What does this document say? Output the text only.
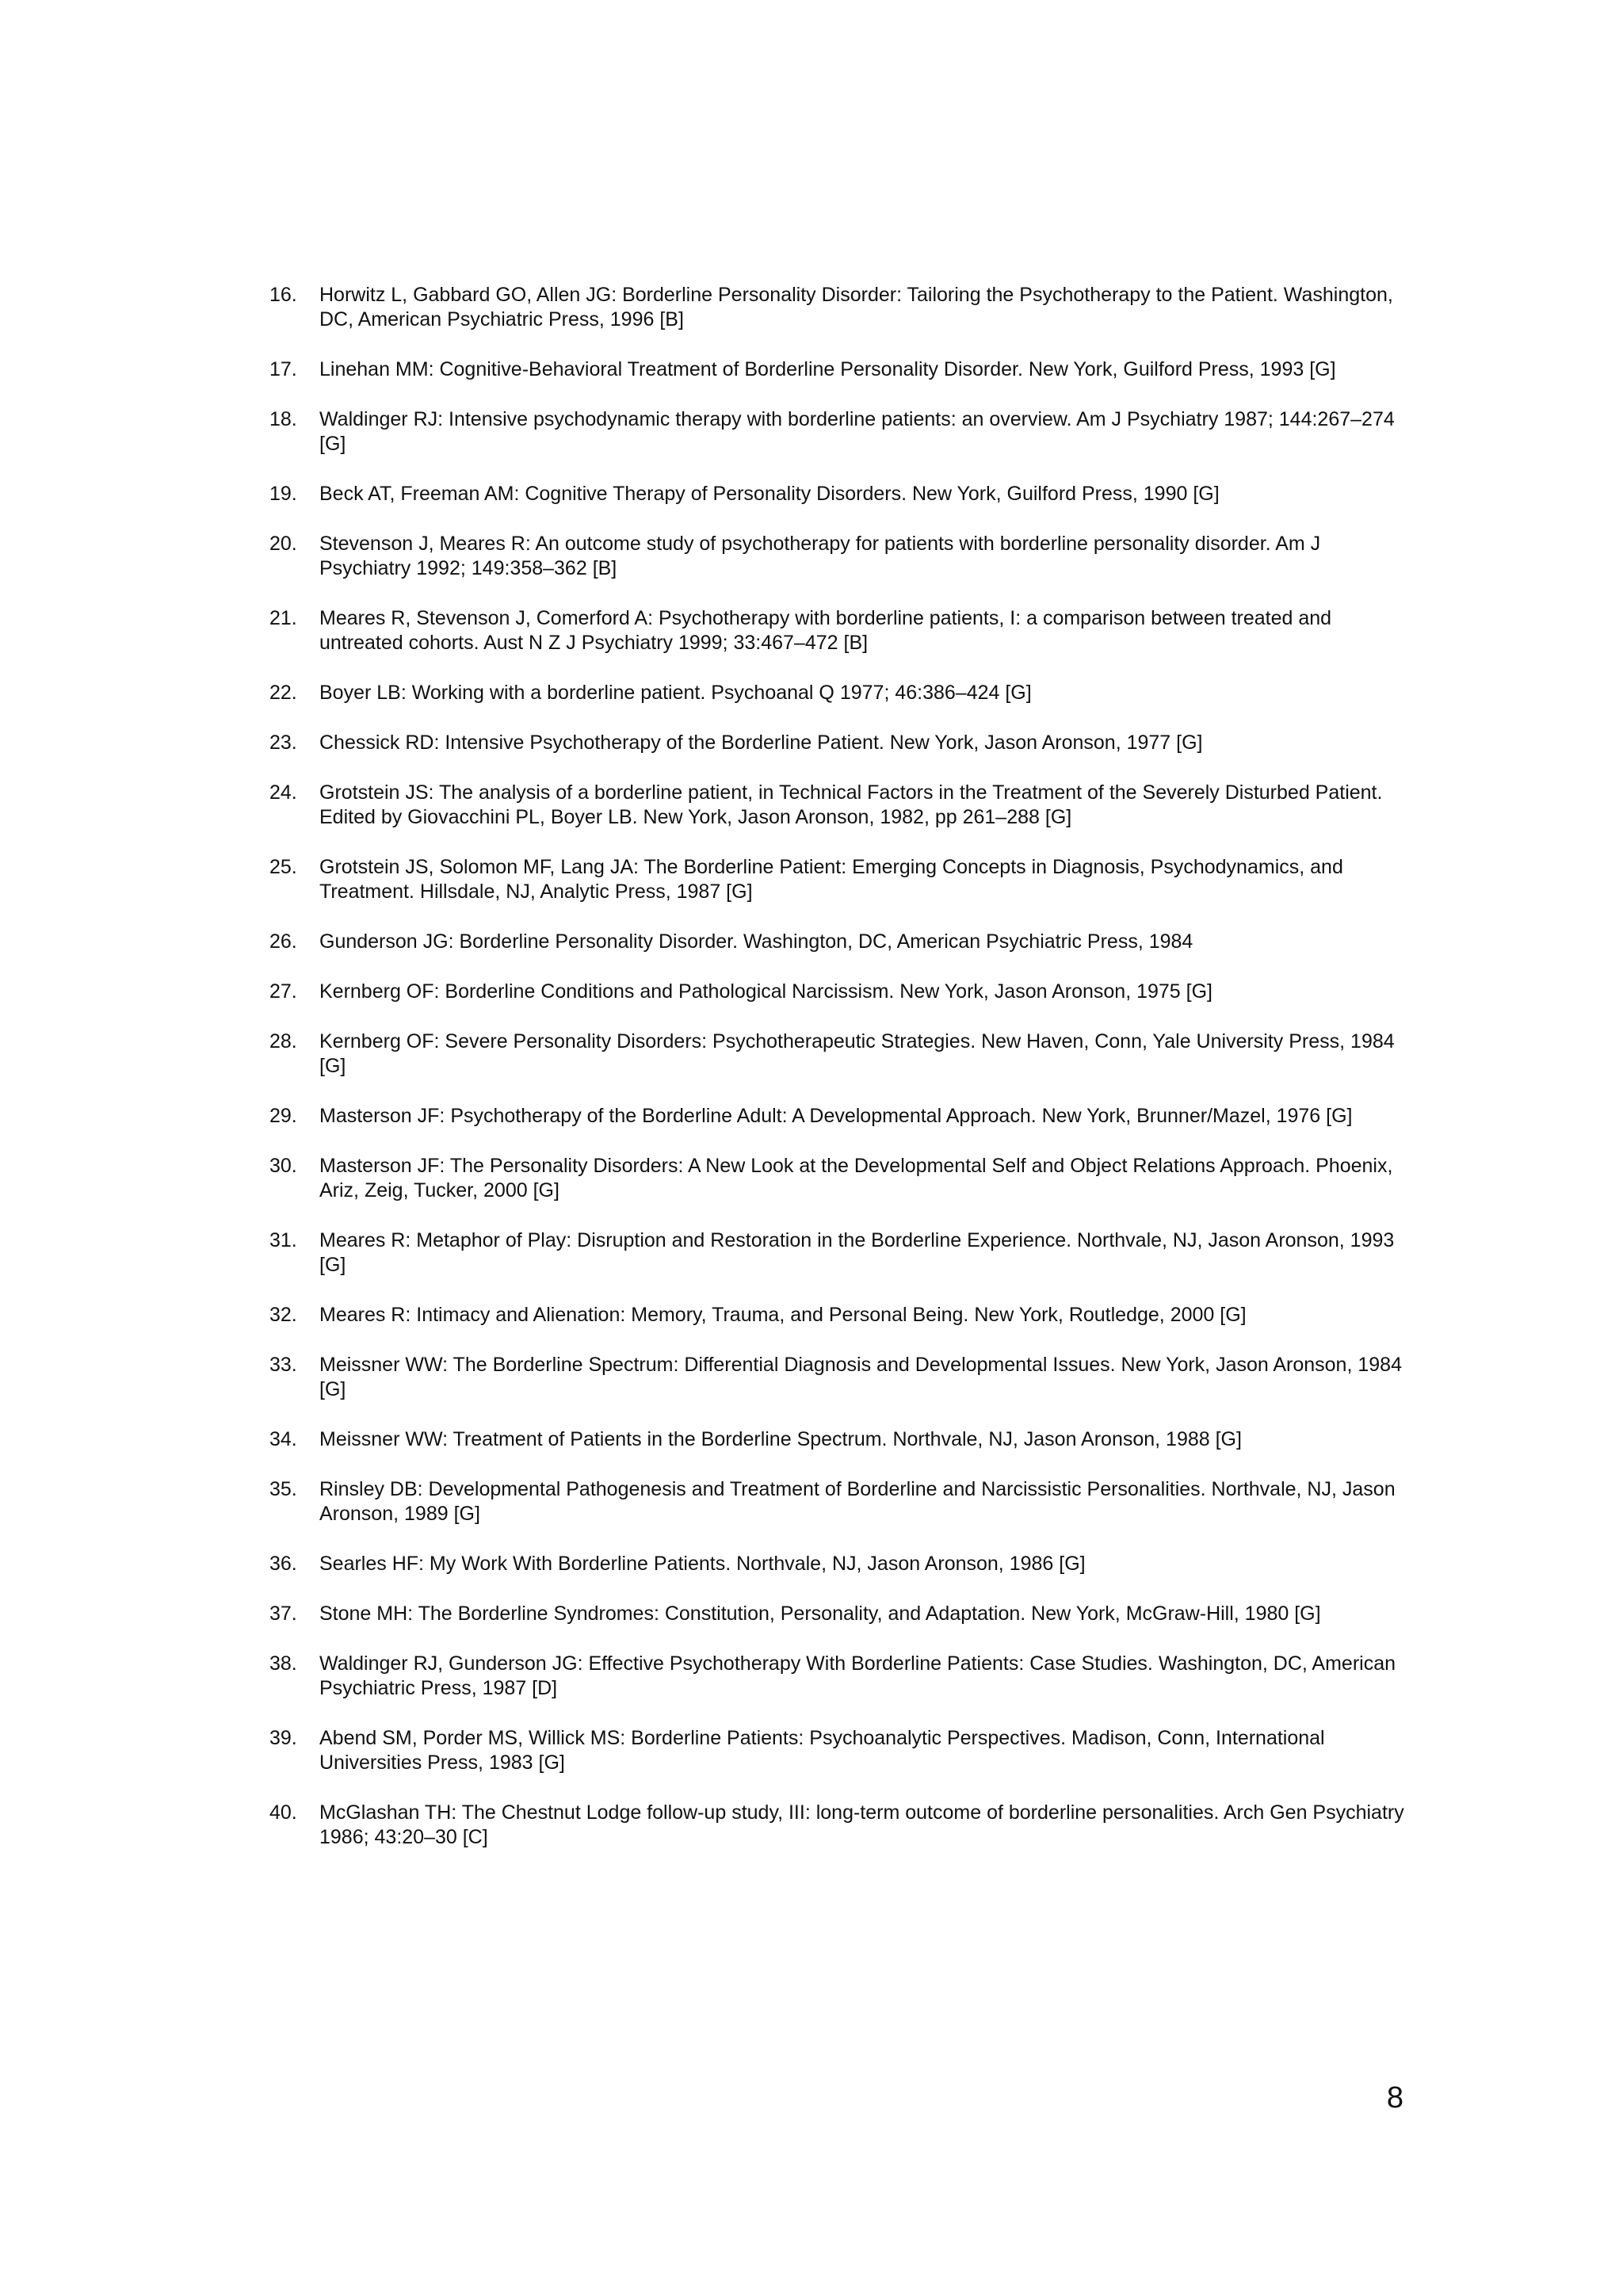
16.	Horwitz L, Gabbard GO, Allen JG: Borderline Personality Disorder: Tailoring the Psychotherapy to the Patient. Washington, DC, American Psychiatric Press, 1996 [B]
17.	Linehan MM: Cognitive-Behavioral Treatment of Borderline Personality Disorder. New York, Guilford Press, 1993 [G]
18.	Waldinger RJ: Intensive psychodynamic therapy with borderline patients: an overview. Am J Psychiatry 1987; 144:267–274 [G]
19.	Beck AT, Freeman AM: Cognitive Therapy of Personality Disorders. New York, Guilford Press, 1990 [G]
20.	Stevenson J, Meares R: An outcome study of psychotherapy for patients with borderline personality disorder. Am J Psychiatry 1992; 149:358–362 [B]
21.	Meares R, Stevenson J, Comerford A: Psychotherapy with borderline patients, I: a comparison between treated and untreated cohorts. Aust N Z J Psychiatry 1999; 33:467–472 [B]
22.	Boyer LB: Working with a borderline patient. Psychoanal Q 1977; 46:386–424 [G]
23.	Chessick RD: Intensive Psychotherapy of the Borderline Patient. New York, Jason Aronson, 1977 [G]
24.	Grotstein JS: The analysis of a borderline patient, in Technical Factors in the Treatment of the Severely Disturbed Patient. Edited by Giovacchini PL, Boyer LB. New York, Jason Aronson, 1982, pp 261–288 [G]
25.	Grotstein JS, Solomon MF, Lang JA: The Borderline Patient: Emerging Concepts in Diagnosis, Psychodynamics, and Treatment. Hillsdale, NJ, Analytic Press, 1987 [G]
26.	Gunderson JG: Borderline Personality Disorder. Washington, DC, American Psychiatric Press, 1984
27.	Kernberg OF: Borderline Conditions and Pathological Narcissism. New York, Jason Aronson, 1975 [G]
28.	Kernberg OF: Severe Personality Disorders: Psychotherapeutic Strategies. New Haven, Conn, Yale University Press, 1984 [G]
29.	Masterson JF: Psychotherapy of the Borderline Adult: A Developmental Approach. New York, Brunner/Mazel, 1976 [G]
30.	Masterson JF: The Personality Disorders: A New Look at the Developmental Self and Object Relations Approach. Phoenix, Ariz, Zeig, Tucker, 2000 [G]
31.	Meares R: Metaphor of Play: Disruption and Restoration in the Borderline Experience. Northvale, NJ, Jason Aronson, 1993 [G]
32.	Meares R: Intimacy and Alienation: Memory, Trauma, and Personal Being. New York, Routledge, 2000 [G]
33.	Meissner WW: The Borderline Spectrum: Differential Diagnosis and Developmental Issues. New York, Jason Aronson, 1984 [G]
34.	Meissner WW: Treatment of Patients in the Borderline Spectrum. Northvale, NJ, Jason Aronson, 1988 [G]
35.	Rinsley DB: Developmental Pathogenesis and Treatment of Borderline and Narcissistic Personalities. Northvale, NJ, Jason Aronson, 1989 [G]
36.	Searles HF: My Work With Borderline Patients. Northvale, NJ, Jason Aronson, 1986 [G]
37.	Stone MH: The Borderline Syndromes: Constitution, Personality, and Adaptation. New York, McGraw-Hill, 1980 [G]
38.	Waldinger RJ, Gunderson JG: Effective Psychotherapy With Borderline Patients: Case Studies. Washington, DC, American Psychiatric Press, 1987 [D]
39.	Abend SM, Porder MS, Willick MS: Borderline Patients: Psychoanalytic Perspectives. Madison, Conn, International Universities Press, 1983 [G]
40.	McGlashan TH: The Chestnut Lodge follow-up study, III: long-term outcome of borderline personalities. Arch Gen Psychiatry 1986; 43:20–30 [C]
8
